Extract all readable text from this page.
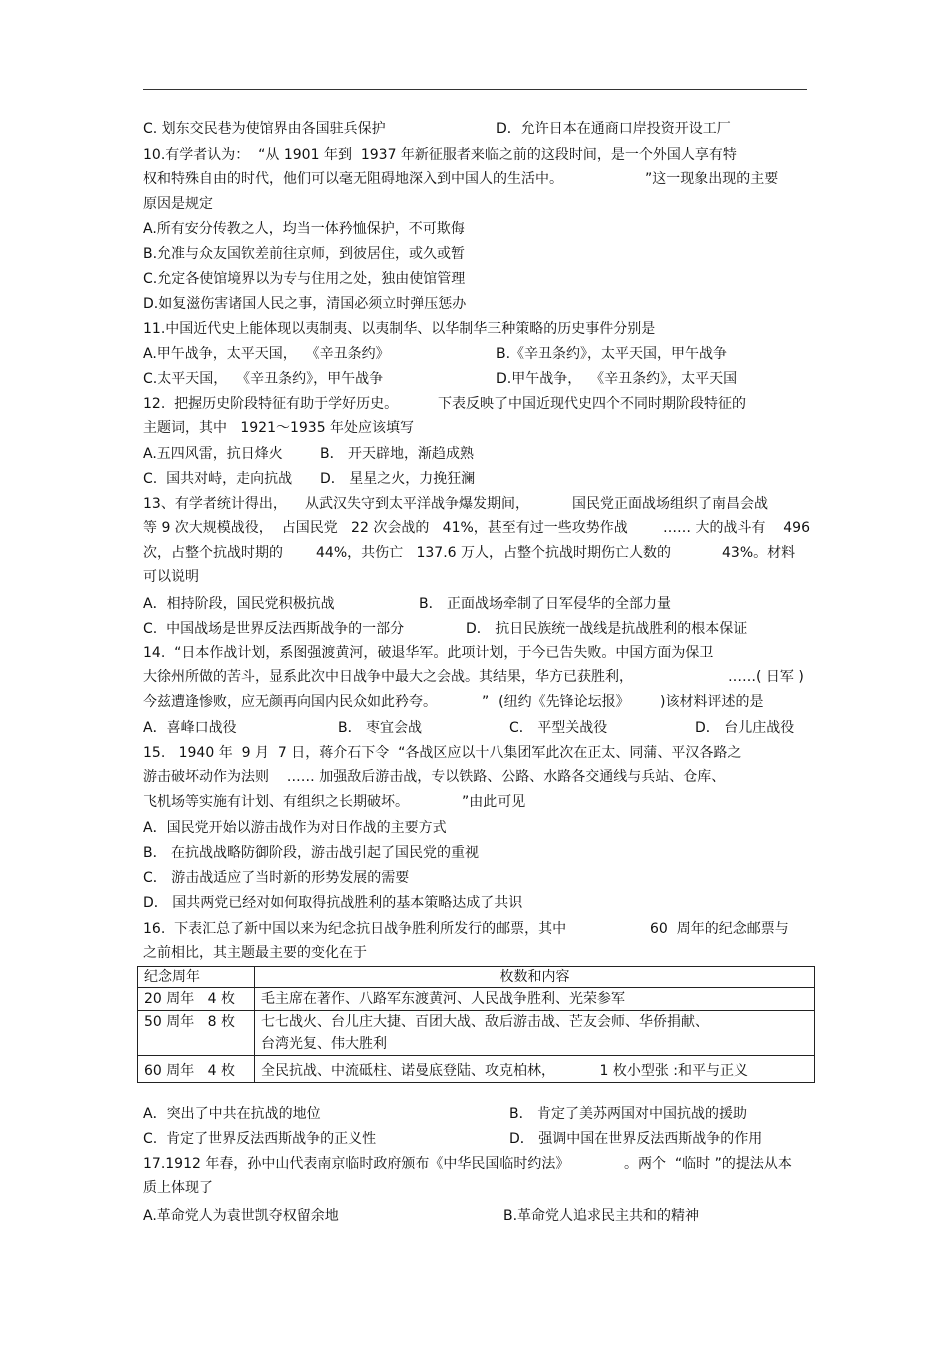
C. 划东交民巷为使馆界由各国驻兵保护	D．允许日本在通商口岸投资开设工厂
10.有学者认为：  “从 1901 年到  1937 年新征服者来临之前的这段时间，是一个外国人享有特
权和特殊自由的时代，他们可以毫无阻碍地深入到中国人的生活中。	”这一现象出现的主要
原因是规定
A.所有安分传教之人，均当一体矜恤保护，不可欺侮
B.允准与众友国钦差前往京师，到彼居住，或久或暂
C.允定各使馆境界以为专与住用之处，独由使馆管理
D.如复滋伤害诸国人民之事，清国必须立时弹压惩办
11.中国近代史上能体现以夷制夷、以夷制华、以华制华三种策略的历史事件分别是
A.甲午战争，太平天国，  《辛丑条约》	B.《辛丑条约》，太平天国，甲午战争
C.太平天国，  《辛丑条约》，甲午战争	D.甲午战争，  《辛丑条约》，太平天国
12.  把握历史阶段特征有助于学好历史。	下表反映了中国近现代史四个不同时期阶段特征的
主题词，其中   1921～1935 年处应该填写
A.五四风雷，抗日烽火	B． 开天辟地，渐趋成熟
C.  国共对峙，走向抗战 D． 星星之火，力挽狂澜
13、有学者统计得出， 从武汉失守到太平洋战争爆发期间，	国民党正面战场组织了南昌会战
等 9 次大规模战役，  占国民党   22 次会战的   41%，甚至有过一些攻势作战	…… 大的战斗有    496
次，占整个抗战时期的 44%，共伤亡   137.6 万人，占整个抗战时期伤亡人数的	43%。材料
可以说明
A．相持阶段，国民党积极抗战	B． 正面战场牵制了日军侵华的全部力量
C.  中国战场是世界反法西斯战争的一部分	D． 抗日民族统一战线是抗战胜利的根本保证
14.  “日本作战计划，系图强渡黄河，破退华军。此项计划，于今已告失败。中国方面为保卫
大徐州所做的苦斗，显系此次中日战争中最大之会战。其结果，华方已获胜利，	……( 日军 )
今兹遭逢惨败，应无颜再向国内民众如此矜夸。	”  (纽约《先锋论坛报》 )该材料评述的是
A．喜峰口战役	B． 枣宜会战	C． 平型关战役	D． 台儿庄战役
15.   1940 年  9 月  7 日，蒋介石下令  “各战区应以十八集团军此次在正太、同蒲、平汉各路之
游击破坏动作为法则    …… 加强敌后游击战，专以铁路、公路、水路各交通线与兵站、仓库、
飞机场等实施有计划、有组织之长期破坏。	”由此可见
A．国民党开始以游击战作为对日作战的主要方式
B． 在抗战战略防御阶段，游击战引起了国民党的重视
C． 游击战适应了当时新的形势发展的需要
D． 国共两党已经对如何取得抗战胜利的基本策略达成了共识
16.  下表汇总了新中国以来为纪念抗日战争胜利所发行的邮票，其中	60  周年的纪念邮票与
之前相比，其主题最主要的变化在于
纪念周年	枚数和内容
20 周年   4 枚	毛主席在著作、八路军东渡黄河、人民战争胜利、光荣参军
50 周年   8 枚	七七战火、台儿庄大捷、百团大战、敌后游击战、芒友会师、华侨捐献、
台湾光复、伟大胜利
60 周年   4 枚	全民抗战、中流砥柱、诺曼底登陆、攻克柏林，          1 枚小型张 :和平与正义
A．突出了中共在抗战的地位	B． 肯定了美苏两国对中国抗战的援助
C.  肯定了世界反法西斯战争的正义性	D． 强调中国在世界反法西斯战争的作用
17.1912 年春，孙中山代表南京临时政府颁布《中华民国临时约法》	。两个  “临时 ”的提法从本
质上体现了
A.革命党人为袁世凯夺权留余地	B.革命党人追求民主共和的精神
